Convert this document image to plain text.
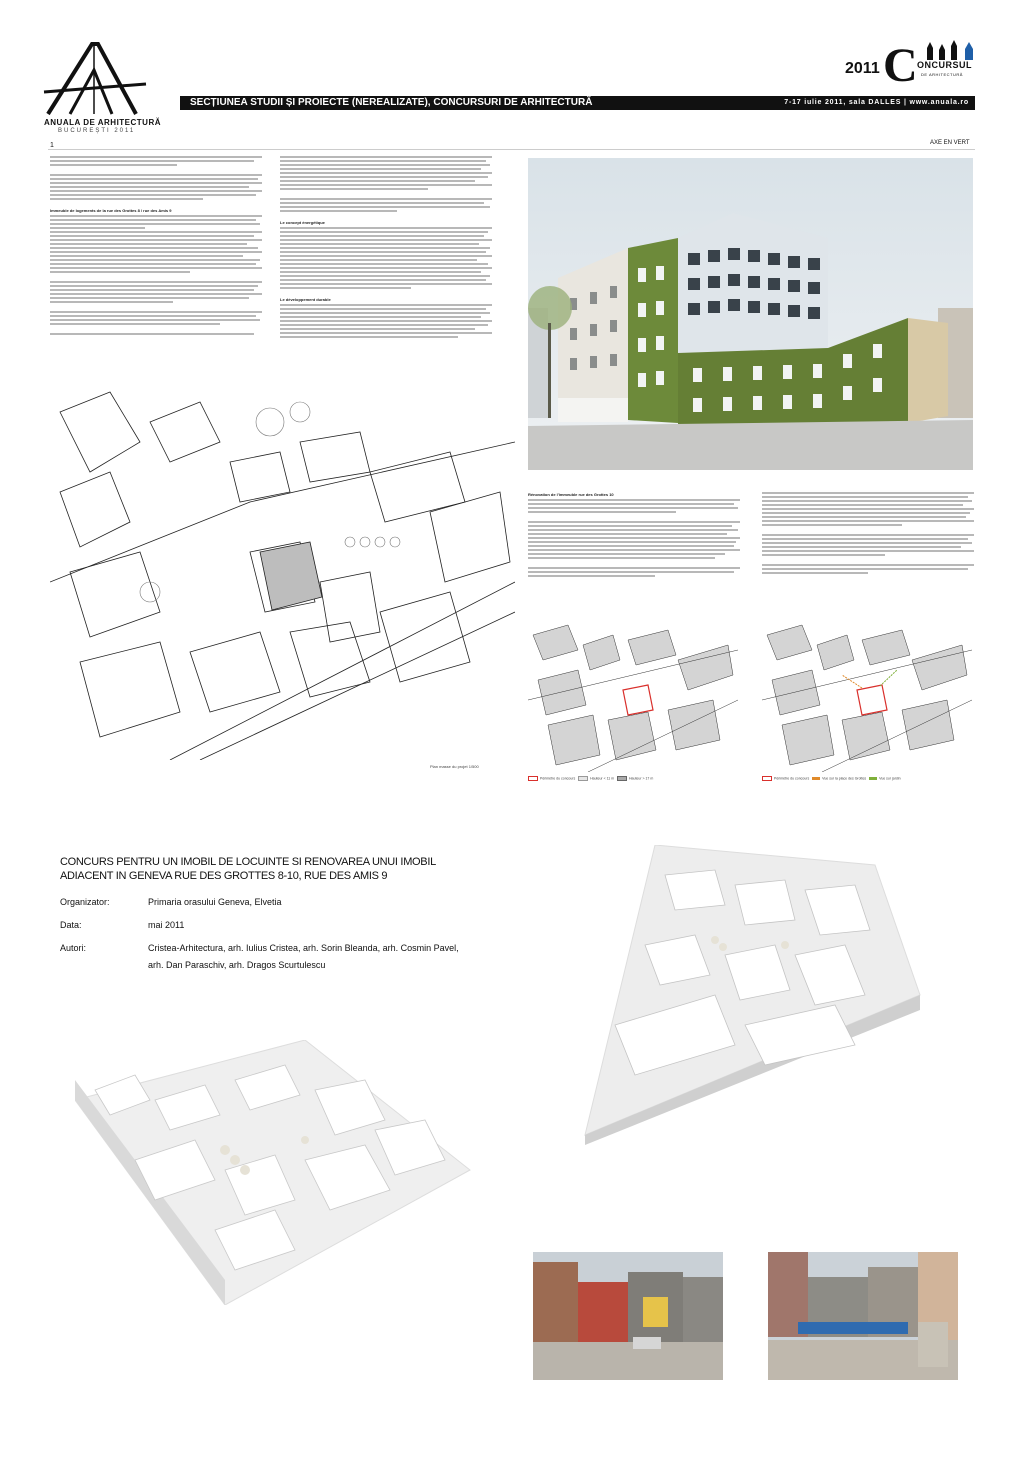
ANUALA DE ARHITECTURĂ
BUCUREȘTI 2011
2011 C ONCURSUL
DE ARHITECTURĂ
SECȚIUNEA STUDII ȘI PROIECTE (NEREALIZATE), CONCURSURI DE ARHITECTURĂ	7-17 iulie 2011, sala DALLES | www.anuala.ro
1	AXE EN VERT
Immeuble de logements de la rue des Grottes 8 / rue des Amis 9
Le concept énergétique
Le développement durable
Plan masse du projet 1/500
Rénovation de l'immeuble rue des Grottes 10
Périmètre du concours	Hauteur < 11 m	Hauteur > 17 m	Périmètre du concours	Vue sur la place des Grottes	Vue sur jardin
CONCURS PENTRU UN IMOBIL DE LOCUINTE SI RENOVAREA UNUI IMOBIL ADIACENT IN GENEVA RUE DES GROTTES 8-10, RUE DES AMIS 9
Organizator:	Primaria orasului Geneva, Elvetia
Data:	mai 2011
Autori:	Cristea-Arhitectura, arh. Iulius Cristea, arh. Sorin Bleanda, arh. Cosmin Pavel,
arh. Dan Paraschiv, arh. Dragos Scurtulescu
